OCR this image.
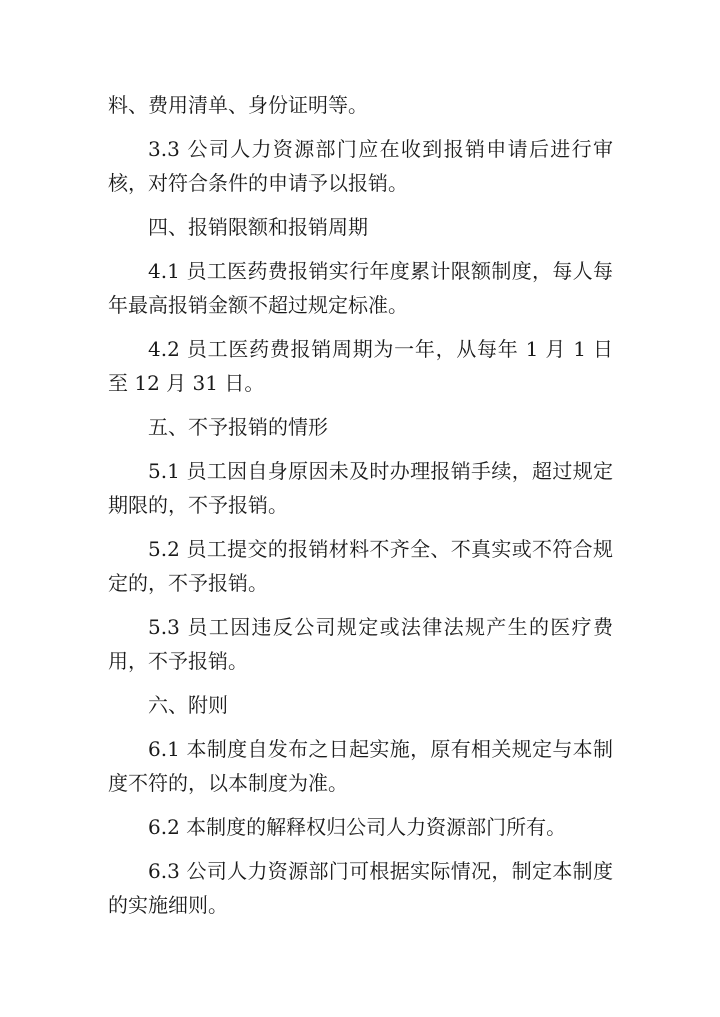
料、费用清单、身份证明等。

3.3 公司人力资源部门应在收到报销申请后进行审核，对符合条件的申请予以报销。

四、报销限额和报销周期

4.1 员工医药费报销实行年度累计限额制度，每人每年最高报销金额不超过规定标准。

4.2 员工医药费报销周期为一年，从每年 1 月 1 日至 12 月 31 日。

五、不予报销的情形

5.1 员工因自身原因未及时办理报销手续，超过规定期限的，不予报销。

5.2 员工提交的报销材料不齐全、不真实或不符合规定的，不予报销。

5.3 员工因违反公司规定或法律法规产生的医疗费用，不予报销。

六、附则

6.1 本制度自发布之日起实施，原有相关规定与本制度不符的，以本制度为准。

6.2 本制度的解释权归公司人力资源部门所有。

6.3 公司人力资源部门可根据实际情况，制定本制度的实施细则。
